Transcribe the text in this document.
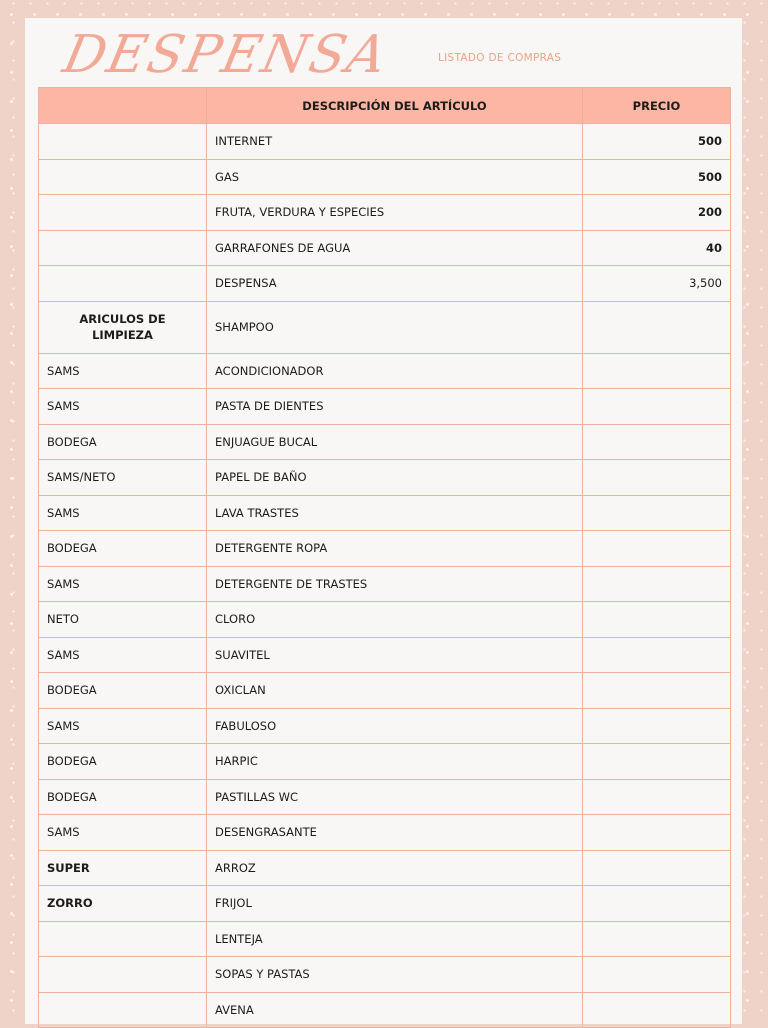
DESPENSA	LISTADO DE COMPRAS
	DESCRIPCIÓN DEL ARTÍCULO	PRECIO
	INTERNET	500
	GAS	500
	FRUTA, VERDURA Y ESPECIES	200
	GARRAFONES DE AGUA	40
	DESPENSA	3,500
ARICULOS DE LIMPIEZA	SHAMPOO	
SAMS	ACONDICIONADOR	
SAMS	PASTA DE DIENTES	
BODEGA	ENJUAGUE BUCAL	
SAMS/NETO	PAPEL DE BAÑO	
SAMS	LAVA TRASTES	
BODEGA	DETERGENTE ROPA	
SAMS	DETERGENTE DE TRASTES	
NETO	CLORO	
SAMS	SUAVITEL	
BODEGA	OXICLAN	
SAMS	FABULOSO	
BODEGA	HARPIC	
BODEGA	PASTILLAS WC	
SAMS	DESENGRASANTE	
SUPER	ARROZ	
ZORRO	FRIJOL	
	LENTEJA	
	SOPAS Y PASTAS	
	AVENA	
